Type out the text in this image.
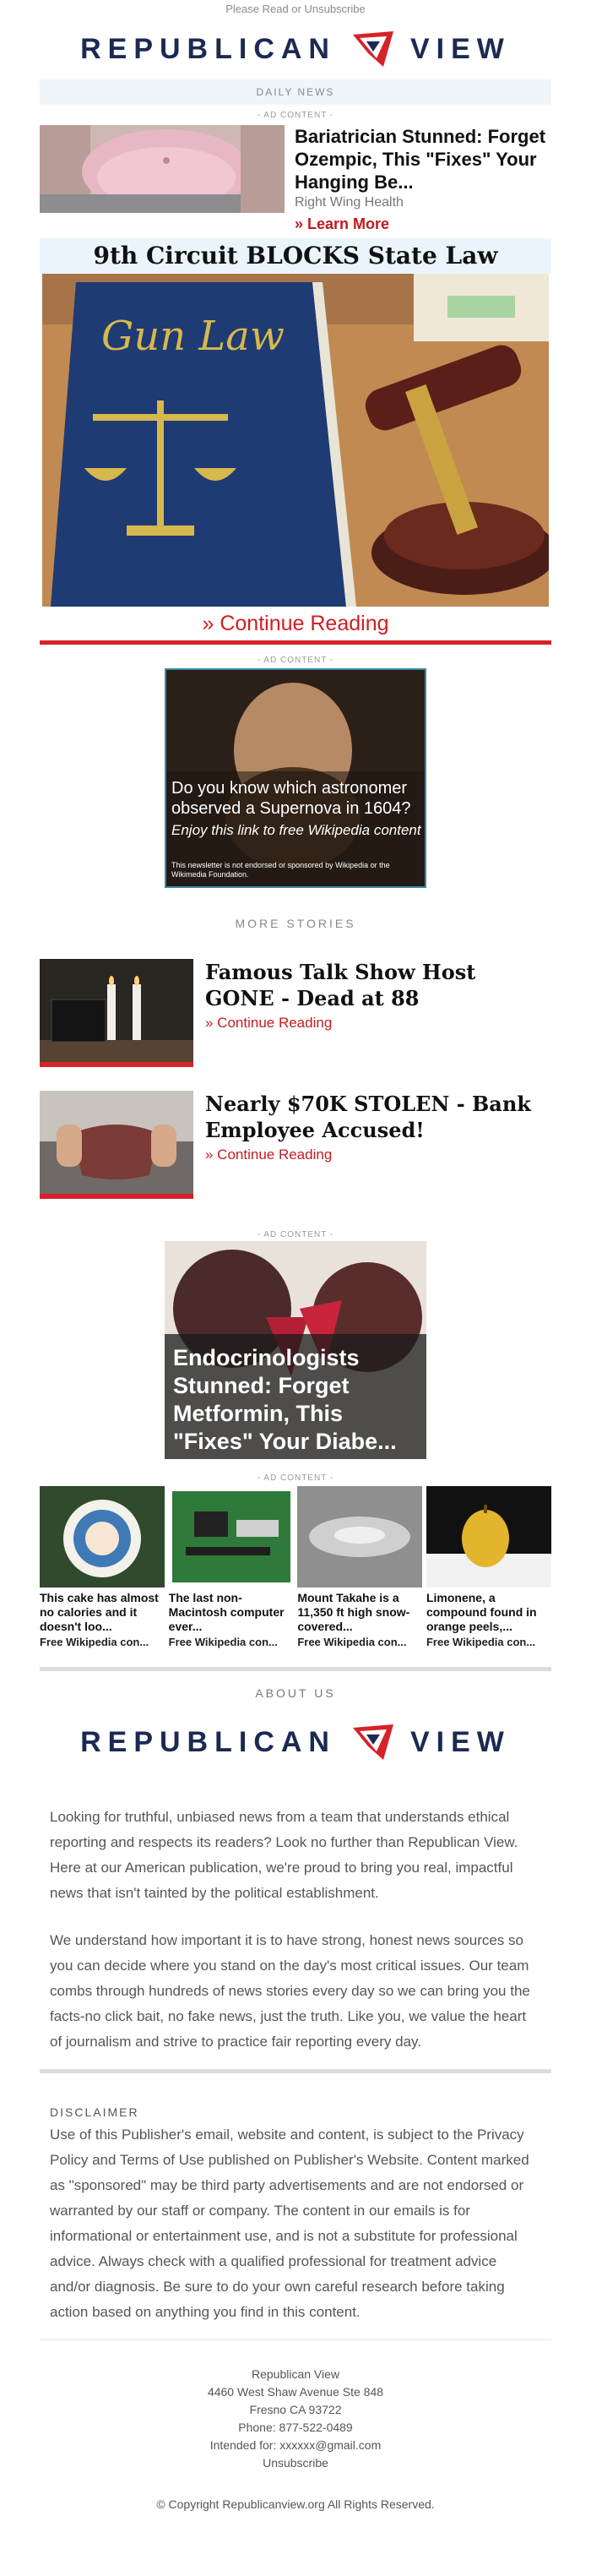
Please Read or Unsubscribe
REPUBLICAN	VIEW
DAILY NEWS
- AD CONTENT -
Bariatrician Stunned: Forget Ozempic, This "Fixes" Your Hanging Be...
Right Wing Health
» Learn More
9th Circuit BLOCKS State Law
Gun Law
» Continue Reading
- AD CONTENT -
Do you know which astronomer observed a Supernova in 1604?
Enjoy this link to free Wikipedia content
This newsletter is not endorsed or sponsored by Wikipedia or the Wikimedia Foundation.
MORE STORIES
Famous Talk Show Host GONE - Dead at 88
» Continue Reading
Nearly $70K STOLEN - Bank Employee Accused!
» Continue Reading
- AD CONTENT -
Endocrinologists Stunned: Forget Metformin, This "Fixes" Your Diabe...
- AD CONTENT -
This cake has almost no calories and it doesn't loo...
Free Wikipedia con...
The last non-Macintosh computer ever...
Free Wikipedia con...
Mount Takahe is a 11,350 ft high snow-covered...
Free Wikipedia con...
Limonene, a compound found in orange peels,...
Free Wikipedia con...
ABOUT US
REPUBLICAN	VIEW

Looking for truthful, unbiased news from a team that understands ethical reporting and respects its readers? Look no further than Republican View. Here at our American publication, we're proud to bring you real, impactful news that isn't tainted by the political establishment.

We understand how important it is to have strong, honest news sources so you can decide where you stand on the day's most critical issues. Our team combs through hundreds of news stories every day so we can bring you the facts-no click bait, no fake news, just the truth. Like you, we value the heart of journalism and strive to practice fair reporting every day.

DISCLAIMER

Use of this Publisher's email, website and content, is subject to the Privacy Policy and Terms of Use published on Publisher's Website. Content marked as "sponsored" may be third party advertisements and are not endorsed or warranted by our staff or company. The content in our emails is for informational or entertainment use, and is not a substitute for professional advice. Always check with a qualified professional for treatment advice and/or diagnosis. Be sure to do your own careful research before taking action based on anything you find in this content.

Republican View
4460 West Shaw Avenue Ste 848
Fresno CA 93722
Phone: 877-522-0489
Intended for: xxxxxx@gmail.com
Unsubscribe
© Copyright Republicanview.org All Rights Reserved.
